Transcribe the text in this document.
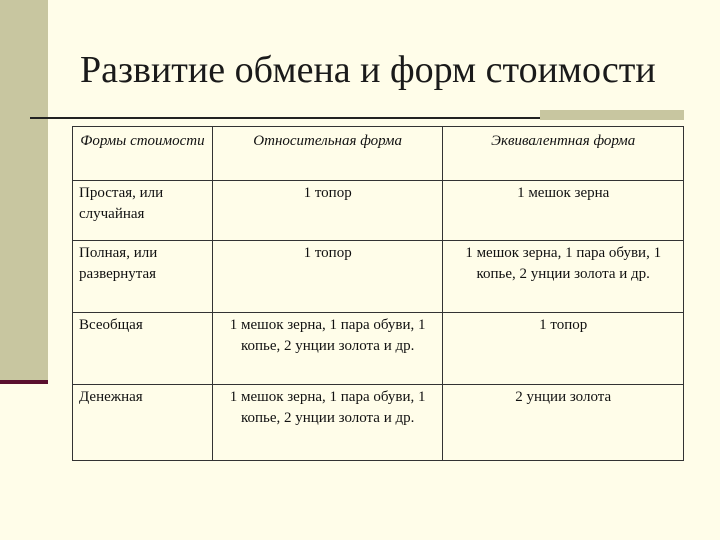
Развитие обмена и форм стоимости
Формы стоимости	Относительная форма	Эквивалентная форма
Простая, или случайная	1 топор	1 мешок зерна
Полная, или развернутая	1 топор	1 мешок зерна, 1 пара обуви, 1 копье, 2 унции золота и др.
Всеобщая	1 мешок зерна, 1 пара обуви, 1 копье, 2 унции золота и др.	1 топор
Денежная	1 мешок зерна, 1 пара обуви, 1 копье, 2 унции золота и др.	2 унции золота
